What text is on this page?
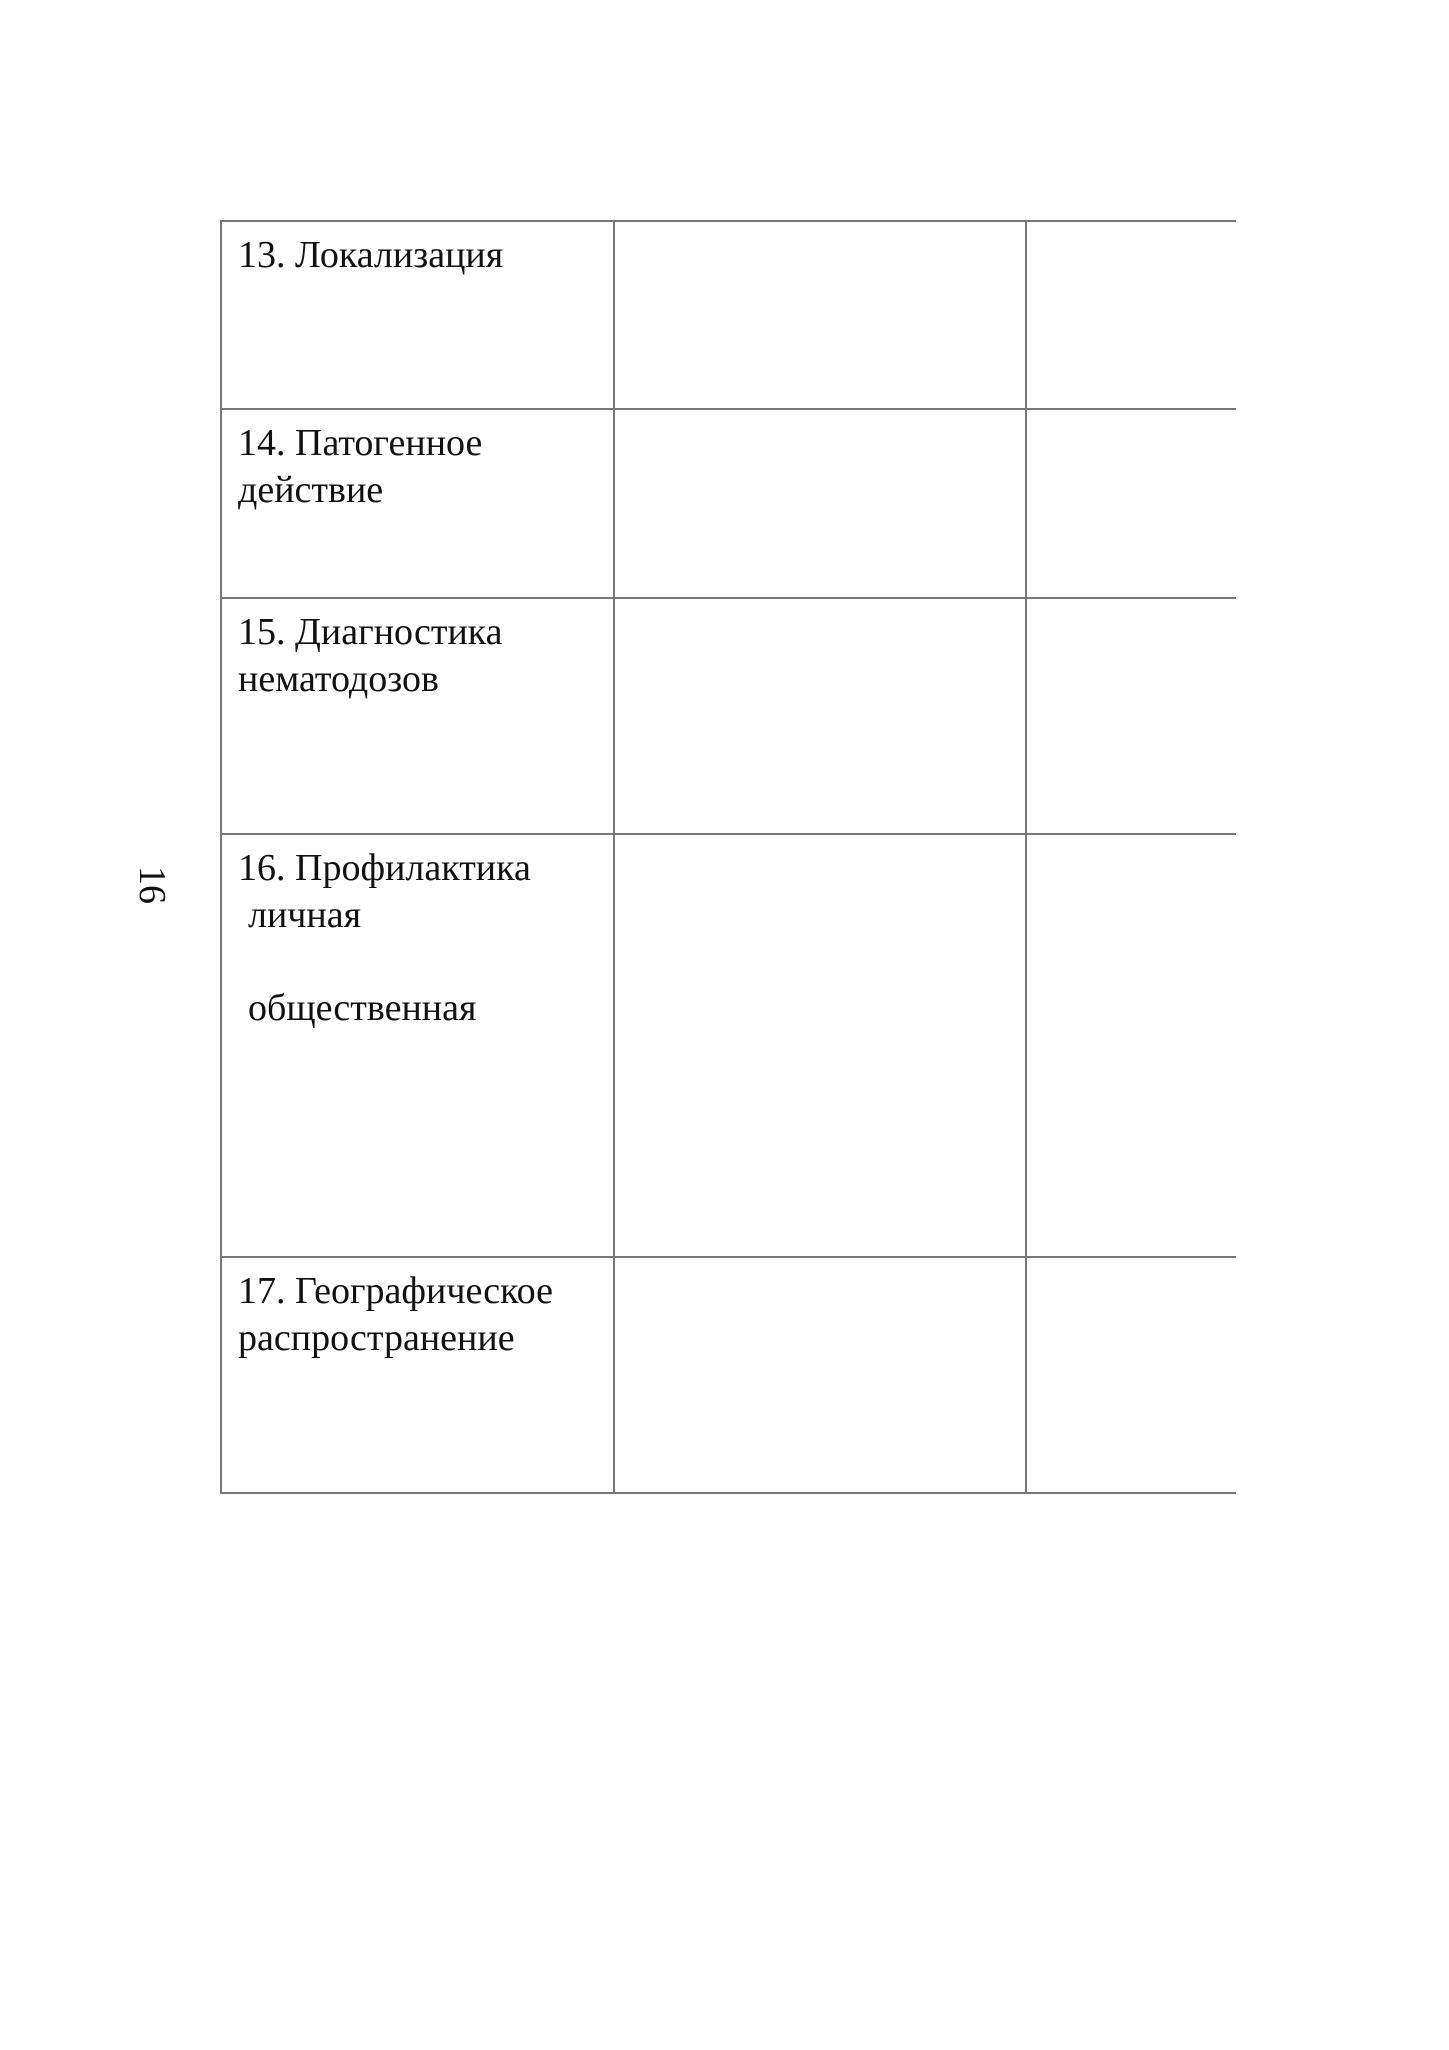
16
13. Локализация		

14. Патогенное
действие		

15. Диагностика
нематодозов		

16. Профилактика
личная
общественная		

17. Географическое
распространение		
